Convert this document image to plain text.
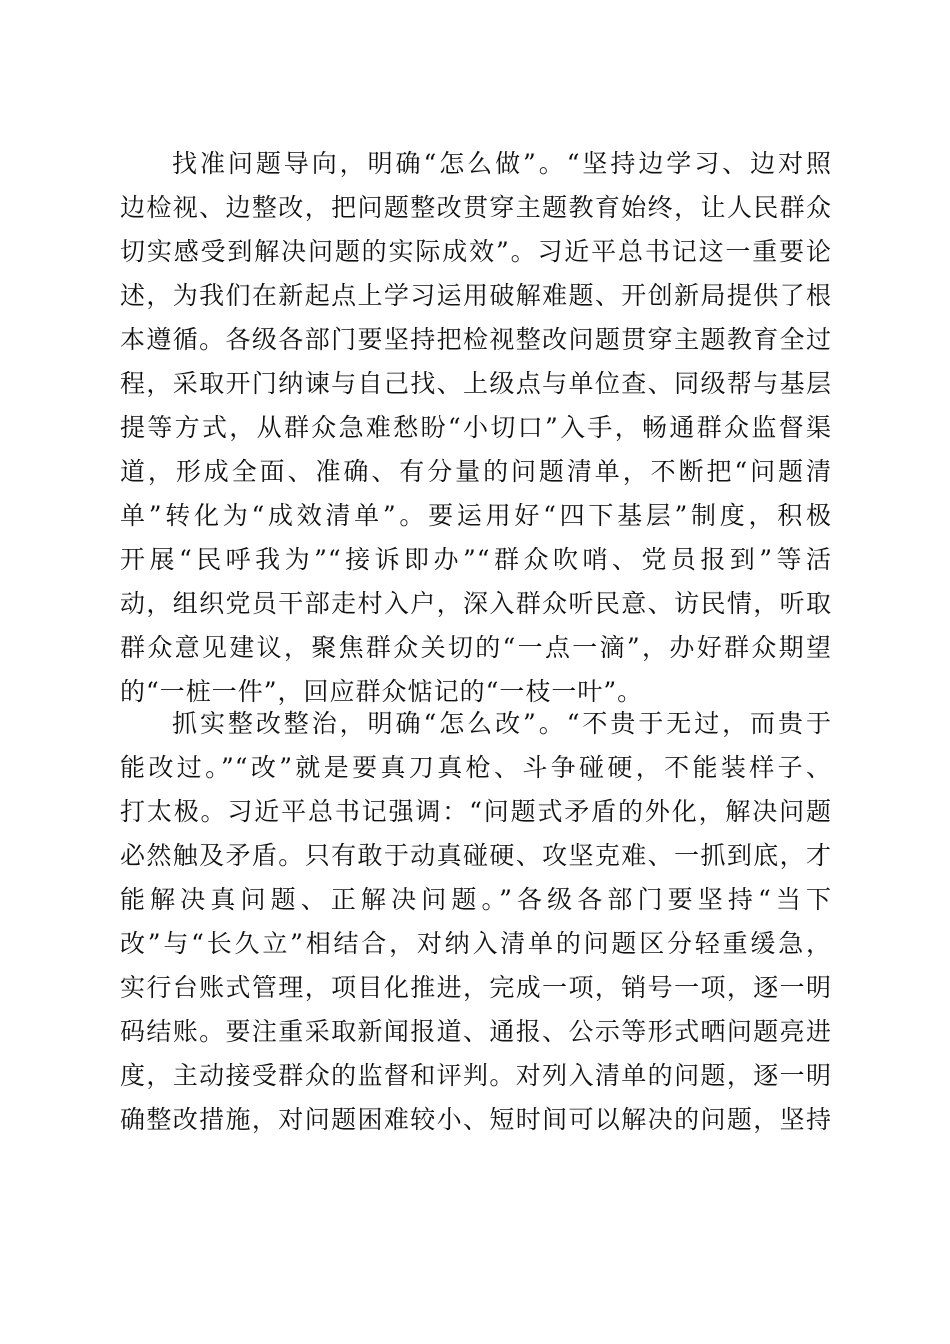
找准问题导向，明确“怎么做”。“坚持边学习、边对照
边检视、边整改，把问题整改贯穿主题教育始终，让人民群众
切实感受到解决问题的实际成效”。习近平总书记这一重要论
述，为我们在新起点上学习运用破解难题、开创新局提供了根
本遵循。各级各部门要坚持把检视整改问题贯穿主题教育全过
程，采取开门纳谏与自己找、上级点与单位查、同级帮与基层
提等方式，从群众急难愁盼“小切口”入手，畅通群众监督渠
道，形成全面、准确、有分量的问题清单，不断把“问题清
单”转化为“成效清单”。要运用好“四下基层”制度，积极
开展“民呼我为”“接诉即办”“群众吹哨、党员报到”等活
动，组织党员干部走村入户，深入群众听民意、访民情，听取
群众意见建议，聚焦群众关切的“一点一滴”，办好群众期望
的“一桩一件”，回应群众惦记的“一枝一叶”。
抓实整改整治，明确“怎么改”。“不贵于无过，而贵于
能改过。”“改”就是要真刀真枪、斗争碰硬，不能装样子、
打太极。习近平总书记强调：“问题式矛盾的外化，解决问题
必然触及矛盾。只有敢于动真碰硬、攻坚克难、一抓到底，才
能解决真问题、正解决问题。”各级各部门要坚持“当下
改”与“长久立”相结合，对纳入清单的问题区分轻重缓急，
实行台账式管理，项目化推进，完成一项，销号一项，逐一明
码结账。要注重采取新闻报道、通报、公示等形式晒问题亮进
度，主动接受群众的监督和评判。对列入清单的问题，逐一明
确整改措施，对问题困难较小、短时间可以解决的问题，坚持
